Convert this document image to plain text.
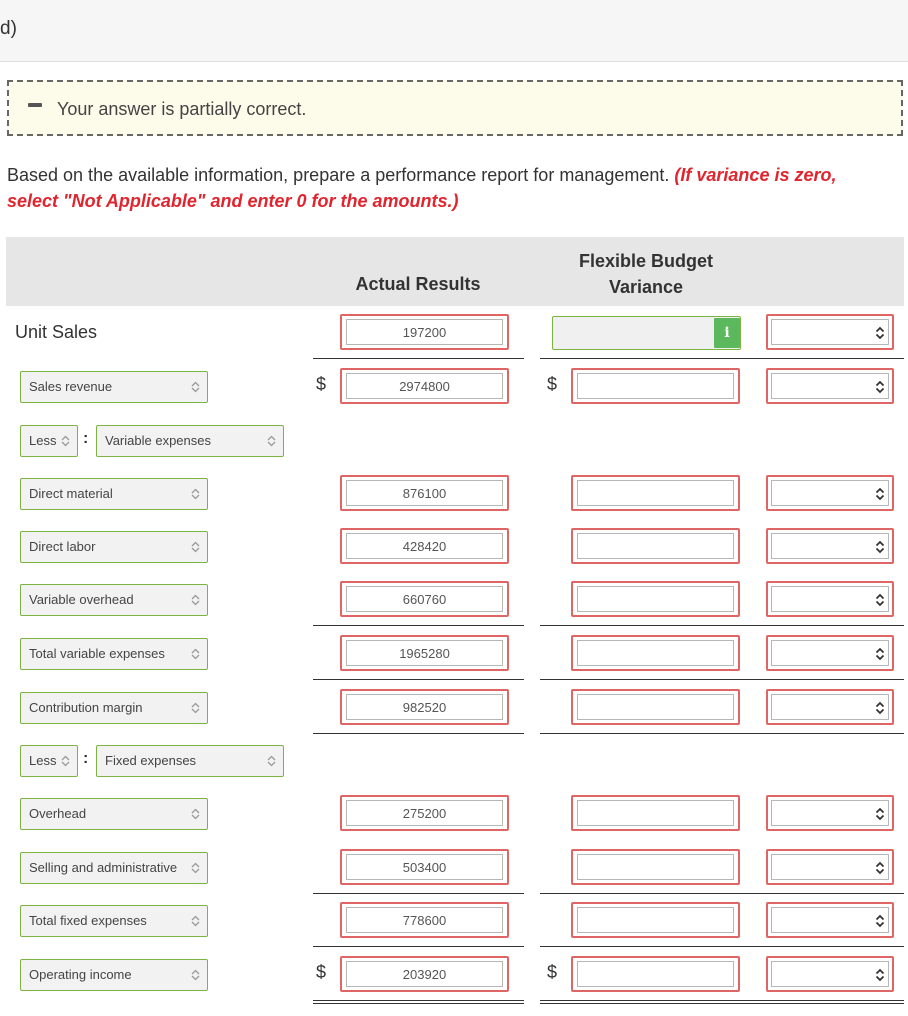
d)
Your answer is partially correct.
Based on the available information, prepare a performance report for management. (If variance is zero,
select "Not Applicable" and enter 0 for the amounts.)
Actual Results
Flexible Budget
Variance
Unit Sales	197200	i
Sales revenue	$	2974800	$
Less	:	Variable expenses
Direct material	876100
Direct labor	428420
Variable overhead	660760
Total variable expenses	1965280
Contribution margin	982520
Less	:	Fixed expenses
Overhead	275200
Selling and administrative	503400
Total fixed expenses	778600
Operating income	$	203920	$
